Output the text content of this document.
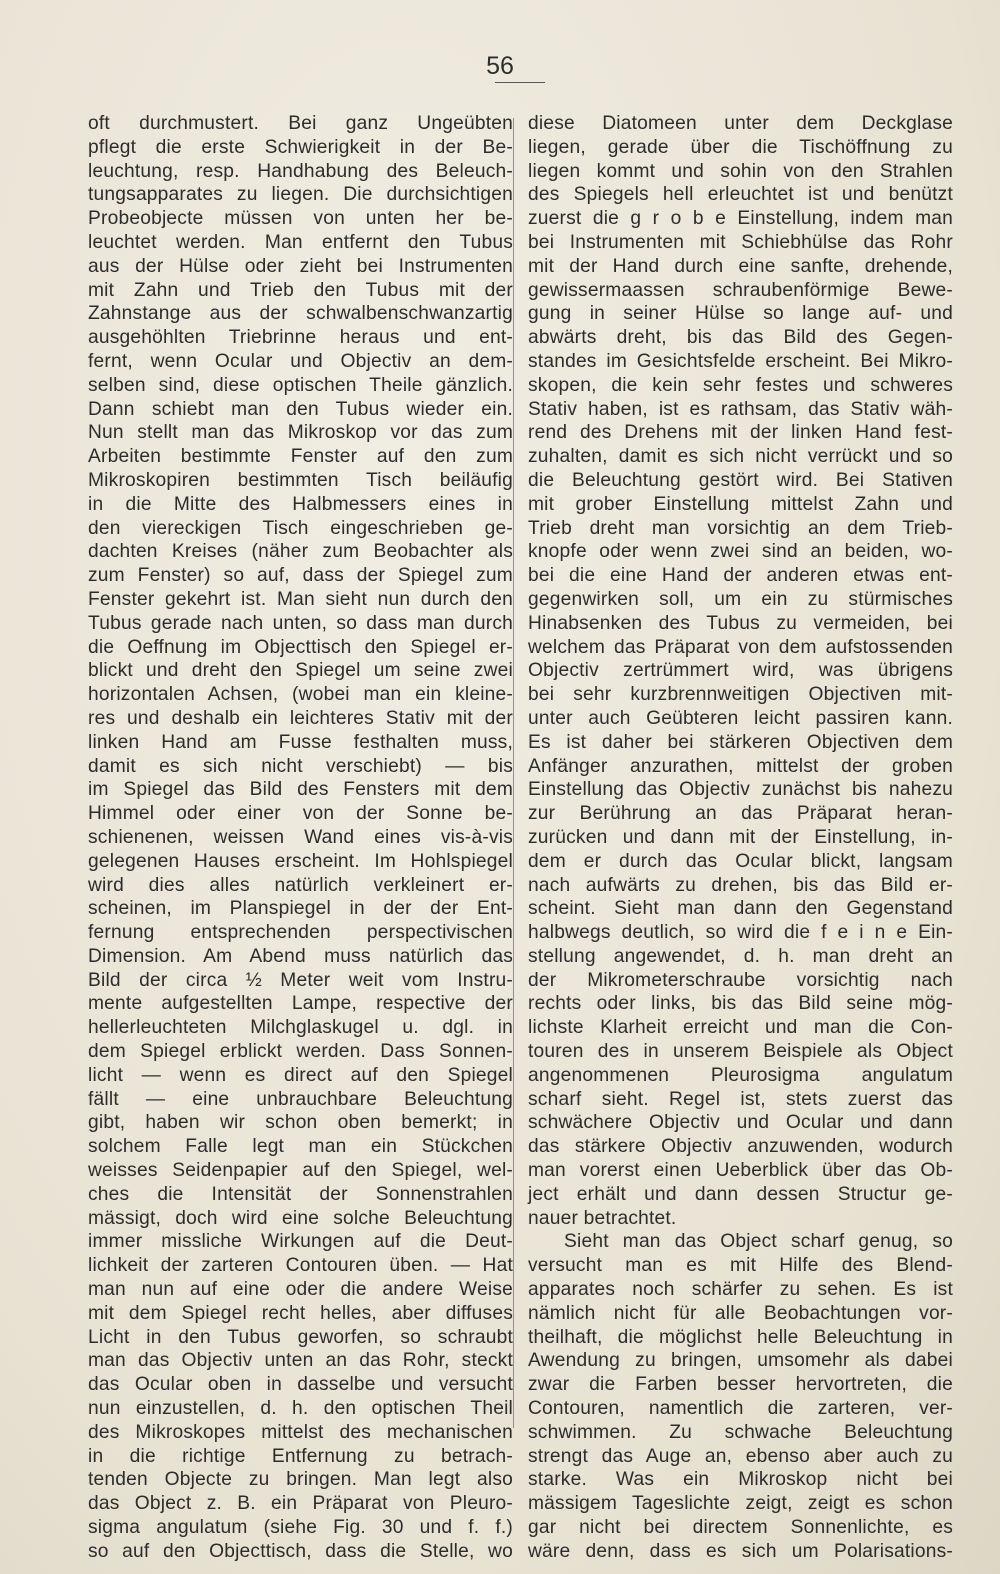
56
oft durchmustert. Bei ganz Ungeübten
pflegt die erste Schwierigkeit in der Be-
leuchtung, resp. Handhabung des Beleuch-
tungsapparates zu liegen. Die durchsichtigen
Probeobjecte müssen von unten her be-
leuchtet werden. Man entfernt den Tubus
aus der Hülse oder zieht bei Instrumenten
mit Zahn und Trieb den Tubus mit der
Zahnstange aus der schwalbenschwanzartig
ausgehöhlten Triebrinne heraus und ent-
fernt, wenn Ocular und Objectiv an dem-
selben sind, diese optischen Theile gänzlich.
Dann schiebt man den Tubus wieder ein.
Nun stellt man das Mikroskop vor das zum
Arbeiten bestimmte Fenster auf den zum
Mikroskopiren bestimmten Tisch beiläufig
in die Mitte des Halbmessers eines in
den viereckigen Tisch eingeschrieben ge-
dachten Kreises (näher zum Beobachter als
zum Fenster) so auf, dass der Spiegel zum
Fenster gekehrt ist. Man sieht nun durch den
Tubus gerade nach unten, so dass man durch
die Oeffnung im Objecttisch den Spiegel er-
blickt und dreht den Spiegel um seine zwei
horizontalen Achsen, (wobei man ein kleine-
res und deshalb ein leichteres Stativ mit der
linken Hand am Fusse festhalten muss,
damit es sich nicht verschiebt) — bis
im Spiegel das Bild des Fensters mit dem
Himmel oder einer von der Sonne be-
schienenen, weissen Wand eines vis-à-vis
gelegenen Hauses erscheint. Im Hohlspiegel
wird dies alles natürlich verkleinert er-
scheinen, im Planspiegel in der der Ent-
fernung entsprechenden perspectivischen
Dimension. Am Abend muss natürlich das
Bild der circa ½ Meter weit vom Instru-
mente aufgestellten Lampe, respective der
hellerleuchteten Milchglaskugel u. dgl. in
dem Spiegel erblickt werden. Dass Sonnen-
licht — wenn es direct auf den Spiegel
fällt — eine unbrauchbare Beleuchtung
gibt, haben wir schon oben bemerkt; in
solchem Falle legt man ein Stückchen
weisses Seidenpapier auf den Spiegel, wel-
ches die Intensität der Sonnenstrahlen
mässigt, doch wird eine solche Beleuchtung
immer missliche Wirkungen auf die Deut-
lichkeit der zarteren Contouren üben. — Hat
man nun auf eine oder die andere Weise
mit dem Spiegel recht helles, aber diffuses
Licht in den Tubus geworfen, so schraubt
man das Objectiv unten an das Rohr, steckt
das Ocular oben in dasselbe und versucht
nun einzustellen, d. h. den optischen Theil
des Mikroskopes mittelst des mechanischen
in die richtige Entfernung zu betrach-
tenden Objecte zu bringen. Man legt also
das Object z. B. ein Präparat von Pleuro-
sigma angulatum (siehe Fig. 30 und f. f.)
so auf den Objecttisch, dass die Stelle, wo
diese Diatomeen unter dem Deckglase
liegen, gerade über die Tischöffnung zu
liegen kommt und sohin von den Strahlen
des Spiegels hell erleuchtet ist und benützt
zuerst die g r o b e Einstellung, indem man
bei Instrumenten mit Schiebhülse das Rohr
mit der Hand durch eine sanfte, drehende,
gewissermaassen schraubenförmige Bewe-
gung in seiner Hülse so lange auf- und
abwärts dreht, bis das Bild des Gegen-
standes im Gesichtsfelde erscheint. Bei Mikro-
skopen, die kein sehr festes und schweres
Stativ haben, ist es rathsam, das Stativ wäh-
rend des Drehens mit der linken Hand fest-
zuhalten, damit es sich nicht verrückt und so
die Beleuchtung gestört wird. Bei Stativen
mit grober Einstellung mittelst Zahn und
Trieb dreht man vorsichtig an dem Trieb-
knopfe oder wenn zwei sind an beiden, wo-
bei die eine Hand der anderen etwas ent-
gegenwirken soll, um ein zu stürmisches
Hinabsenken des Tubus zu vermeiden, bei
welchem das Präparat von dem aufstossenden
Objectiv zertrümmert wird, was übrigens
bei sehr kurzbrennweitigen Objectiven mit-
unter auch Geübteren leicht passiren kann.
Es ist daher bei stärkeren Objectiven dem
Anfänger anzurathen, mittelst der groben
Einstellung das Objectiv zunächst bis nahezu
zur Berührung an das Präparat heran-
zurücken und dann mit der Einstellung, in-
dem er durch das Ocular blickt, langsam
nach aufwärts zu drehen, bis das Bild er-
scheint. Sieht man dann den Gegenstand
halbwegs deutlich, so wird die f e i n e Ein-
stellung angewendet, d. h. man dreht an
der Mikrometerschraube vorsichtig nach
rechts oder links, bis das Bild seine mög-
lichste Klarheit erreicht und man die Con-
touren des in unserem Beispiele als Object
angenommenen Pleurosigma angulatum
scharf sieht. Regel ist, stets zuerst das
schwächere Objectiv und Ocular und dann
das stärkere Objectiv anzuwenden, wodurch
man vorerst einen Ueberblick über das Ob-
ject erhält und dann dessen Structur ge-
nauer betrachtet.
Sieht man das Object scharf genug, so
versucht man es mit Hilfe des Blend-
apparates noch schärfer zu sehen. Es ist
nämlich nicht für alle Beobachtungen vor-
theilhaft, die möglichst helle Beleuchtung in
Awendung zu bringen, umsomehr als dabei
zwar die Farben besser hervortreten, die
Contouren, namentlich die zarteren, ver-
schwimmen. Zu schwache Beleuchtung
strengt das Auge an, ebenso aber auch zu
starke. Was ein Mikroskop nicht bei
mässigem Tageslichte zeigt, zeigt es schon
gar nicht bei directem Sonnenlichte, es
wäre denn, dass es sich um Polarisations-
